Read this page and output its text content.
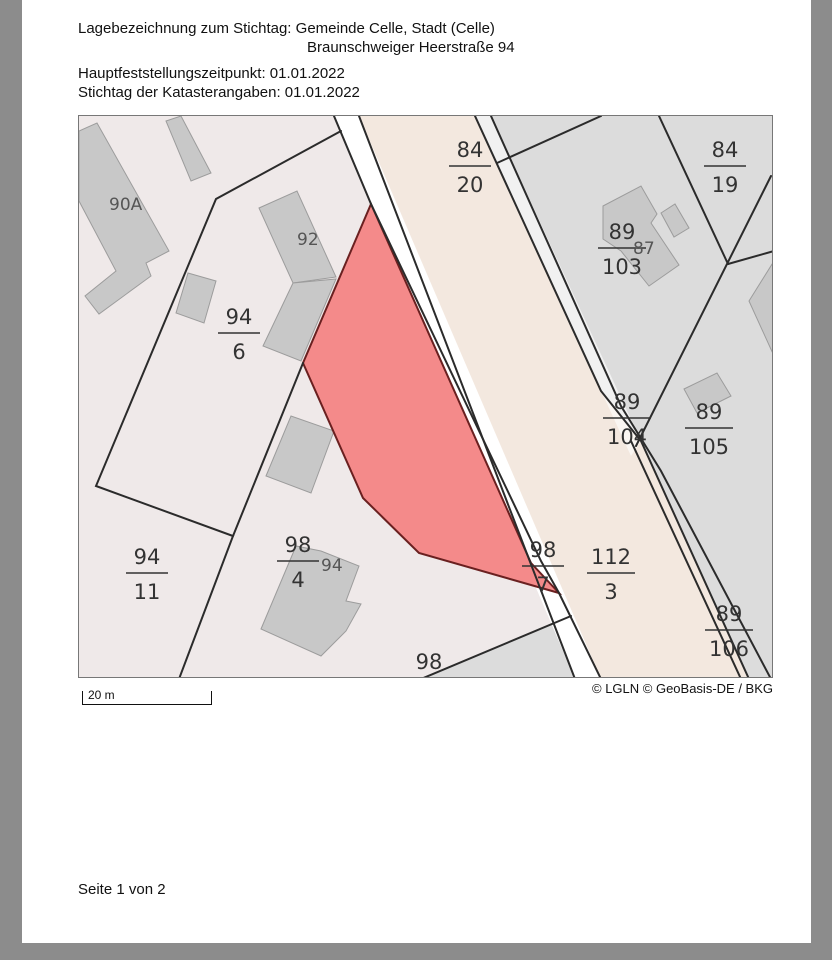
Lagebezeichnung zum Stichtag: Gemeinde Celle, Stadt (Celle)
Braunschweiger Heerstraße 94
Hauptfeststellungszeitpunkt: 01.01.2022
Stichtag der Katasterangaben: 01.01.2022
84
20
84
19
89
103
94
6
89
104
89
105
94
11
98
4
98
7
112
3
89
106
98
90A
92	87
94
© LGLN © GeoBasis-DE / BKG
20 m
Seite 1 von 2
